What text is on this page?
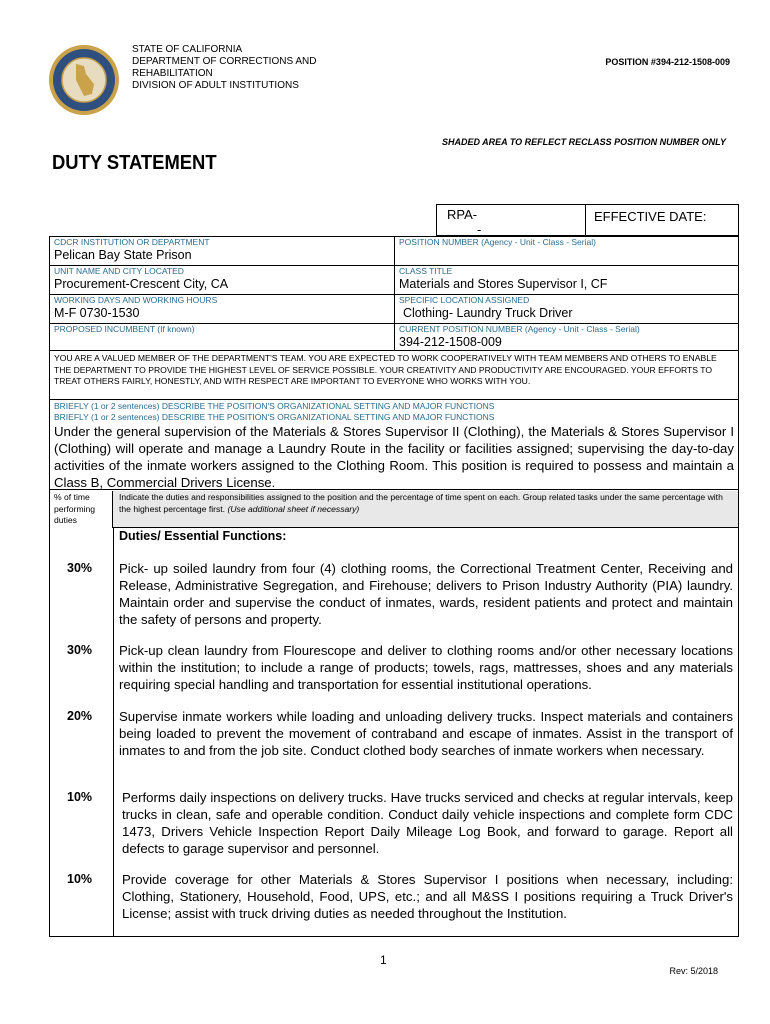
STATE OF CALIFORNIA
DEPARTMENT OF CORRECTIONS AND
REHABILITATION
DIVISION OF ADULT INSTITUTIONS
POSITION #394-212-1508-009
SHADED AREA TO REFLECT RECLASS POSITION NUMBER ONLY
DUTY STATEMENT
RPA-
-
EFFECTIVE DATE:
CDCR INSTITUTION OR DEPARTMENT
Pelican Bay State Prison
POSITION NUMBER (Agency - Unit - Class - Serial)
UNIT NAME AND CITY LOCATED
Procurement-Crescent City, CA
CLASS TITLE
Materials and Stores Supervisor I, CF
WORKING DAYS AND WORKING HOURS
M-F 0730-1530
SPECIFIC LOCATION ASSIGNED
Clothing- Laundry Truck Driver
PROPOSED INCUMBENT (If known)	CURRENT POSITION NUMBER (Agency - Unit - Class - Serial)
394-212-1508-009
YOU ARE A VALUED MEMBER OF THE DEPARTMENT'S TEAM. YOU ARE EXPECTED TO WORK COOPERATIVELY WITH TEAM MEMBERS AND OTHERS TO ENABLE THE DEPARTMENT TO PROVIDE THE HIGHEST LEVEL OF SERVICE POSSIBLE. YOUR CREATIVITY AND PRODUCTIVITY ARE ENCOURAGED. YOUR EFFORTS TO TREAT OTHERS FAIRLY, HONESTLY, AND WITH RESPECT ARE IMPORTANT TO EVERYONE WHO WORKS WITH YOU.
BRIEFLY (1 or 2 sentences) DESCRIBE THE POSITION'S ORGANIZATIONAL SETTING AND MAJOR FUNCTIONS
BRIEFLY (1 or 2 sentences) DESCRIBE THE POSITION'S ORGANIZATIONAL SETTING AND MAJOR FUNCTIONS
Under the general supervision of the Materials & Stores Supervisor II (Clothing), the Materials & Stores Supervisor I (Clothing) will operate and manage a Laundry Route in the facility or facilities assigned; supervising the day-to-day activities of the inmate workers assigned to the Clothing Room. This position is required to possess and maintain a Class B, Commercial Drivers License.
% of time performing duties
Indicate the duties and responsibilities assigned to the position and the percentage of time spent on each. Group related tasks under the same percentage with the highest percentage first. (Use additional sheet if necessary)
Duties/ Essential Functions:
30% Pick- up soiled laundry from four (4) clothing rooms, the Correctional Treatment Center, Receiving and Release, Administrative Segregation, and Firehouse; delivers to Prison Industry Authority (PIA) laundry. Maintain order and supervise the conduct of inmates, wards, resident patients and protect and maintain the safety of persons and property.
30% Pick-up clean laundry from Flourescope and deliver to clothing rooms and/or other necessary locations within the institution; to include a range of products; towels, rags, mattresses, shoes and any materials requiring special handling and transportation for essential institutional operations.
20% Supervise inmate workers while loading and unloading delivery trucks. Inspect materials and containers being loaded to prevent the movement of contraband and escape of inmates. Assist in the transport of inmates to and from the job site. Conduct clothed body searches of inmate workers when necessary.
10% Performs daily inspections on delivery trucks. Have trucks serviced and checks at regular intervals, keep trucks in clean, safe and operable condition. Conduct daily vehicle inspections and complete form CDC 1473, Drivers Vehicle Inspection Report Daily Mileage Log Book, and forward to garage. Report all defects to garage supervisor and personnel.
10% Provide coverage for other Materials & Stores Supervisor I positions when necessary, including: Clothing, Stationery, Household, Food, UPS, etc.; and all M&SS I positions requiring a Truck Driver's License; assist with truck driving duties as needed throughout the Institution.
1
Rev: 5/2018
